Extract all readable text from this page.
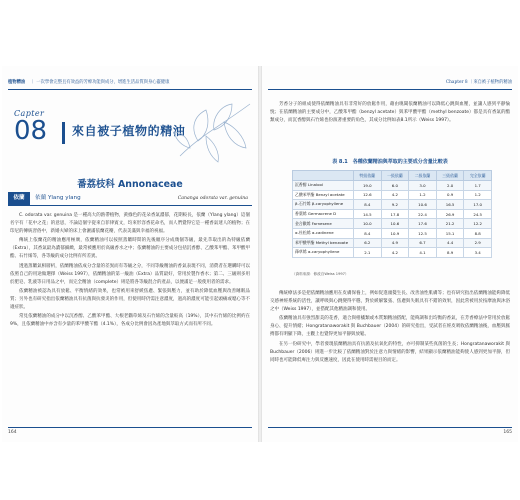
植物精油 ｜ 一次學會完整且有效益的芳療功能與成分，增進生活品質與身心靈健康
Capter
08 來自被子植物的精油
番荔枝科 Annonaceae
依蘭	依蘭 Ylang ylang	Cananga odorata var. genuina

C. odorata var. genuina 是一種高大的熱帶植物，黃綠色的花朵香氣濃郁，花期較長，依蘭（Ylang ylang）這個名字有「花中之花」的意思，不論這個字從來自菲律賓文，均來形容香花命名，而人們覺得它是一種香氣迷人的植物；在印尼的傳統習俗中，新婚夫婦的床上會灑滿依蘭花瓣，代表美滿與幸福的祝福。

傳統上依蘭花的精油應用極廣，依蘭精油可以按照蒸餾時間的先後順序分成幾個等級，最先萃取出的為特級依蘭（Extra），其香氣最為濃郁細緻，最常被應用於高級香水之中；依蘭精油的主要成分包括沉香醇、乙酸苯甲酯、苯甲酸甲酯、石竹烯等，各等級的成分比例有所差異。

透過蒸餾氣相層析，依蘭精油依成分含量的差異而有等級之分，不同等級精油的香氣表現不同，消費者在選購時可以依照自己的用途做選擇（Weiss 1997），依蘭精油的第一級油（Extra）品質最好，常用於製作香水；第二、三級則多用於肥皂、乳液等日用品之中，而完全精油（complete）則是將各等級混合的產品，以便滿足一般使用者的需求。

依蘭精油被認為具有放鬆、平衡情緒的效果，也常被用來舒緩焦慮、緊張與壓力，並有助於降低血壓與改善睡眠品質；另外也有研究指出依蘭精油具有抗菌與抗發炎的作用，但使用時仍需注意濃度，過高的濃度可能引起頭痛或噁心等不適症狀。

常見依蘭精油的成分中以沉香醇、乙酸苯甲酯、大根老鸛草烯及石竹烯的含量較高（19%），其中石竹烯的比例約在9%，且依蘭精油中亦含有少量的苯甲酸苄酯（4.1%），各成分比例會因為產地與萃取方式而有所不同。

164
Chapter 8 ｜來自被子植物的精油

芳香分子的組成使得依蘭精油具有非常好的放鬆作用，藉由嗅聞依蘭精油可以降低心跳與血壓，並讓人感到平靜愉悅；在依蘭精油的主要成分中，乙酸苯甲酯（benzyl acetate）與苯甲酸甲酯（methyl benzoate）都是具有香氣的酯類成分，而沉香醇與石竹烯也扮演著重要的角色，其成分比例如表8.1所示（Weiss 1997）。

表 8.1　各種依蘭精油與萃取的主要成分含量比較表
	特級依蘭	一級依蘭	二級依蘭	三級依蘭	完全依蘭
沉香醇 Linalool	19.0	6.0	3.0	2.0	1.7
乙酸苯甲酯 Benzyl acetate	12.6	4.2	1.2	0.9	1.2
β-石竹烯 β-caryophyllene	8.4	9.2	10.6	16.5	17.0
香葉烯 Germacrene D	14.5	17.8	22.4	26.9	24.5
金合歡烯 Farnesene	10.0	10.6	17.6	21.2	12.2
α-杜松烯 α-cadinene	8.4	10.9	12.5	15.1	8.8
苯甲酸甲酯 Methyl benzoate	6.2	4.9	6.7	4.4	2.9
葎草烯 α-caryophyllene	2.1	4.2	4.1	8.9	3.4
（資料來源：修改自Weiss 1997）

傳統療法多是把依蘭精油應用在皮膚保養上，例如促進頭髮生長、改善油性肌膚等；也有研究指出依蘭精油能夠降低交感神經系統的活性，讓呼吸與心跳變得平穩，對於緩解緊張、焦慮與失眠具有不錯的效果，因此常被用於按摩油與沐浴之中（Weiss 1997），並搭配其他精油調和使用。

依蘭精油具有強烈甜美的花香，適合與柑橘類或木質類精油搭配，能夠調和出均衡的香氣，在芳香療法中常用於放鬆身心、提升情緒；Hongratanaworakit 與 Buchbauer（2004）的研究指出，受試者在經皮吸收依蘭精油後，血壓與脈搏都有明顯下降，主觀上也覺得更加平靜與放鬆。

在另一份研究中，學者發現依蘭精油具有抗菌及抗氧化的特性，亦可抑制某些真菌的生長；Hongratanaworakit 與 Buchbauer（2006）則進一步比較了依蘭精油對於注意力與情緒的影響，結果顯示依蘭精油能夠使人感到更加平靜，但同時也可能降低專注力與反應速度，因此在使用時需視目的而定。

165
